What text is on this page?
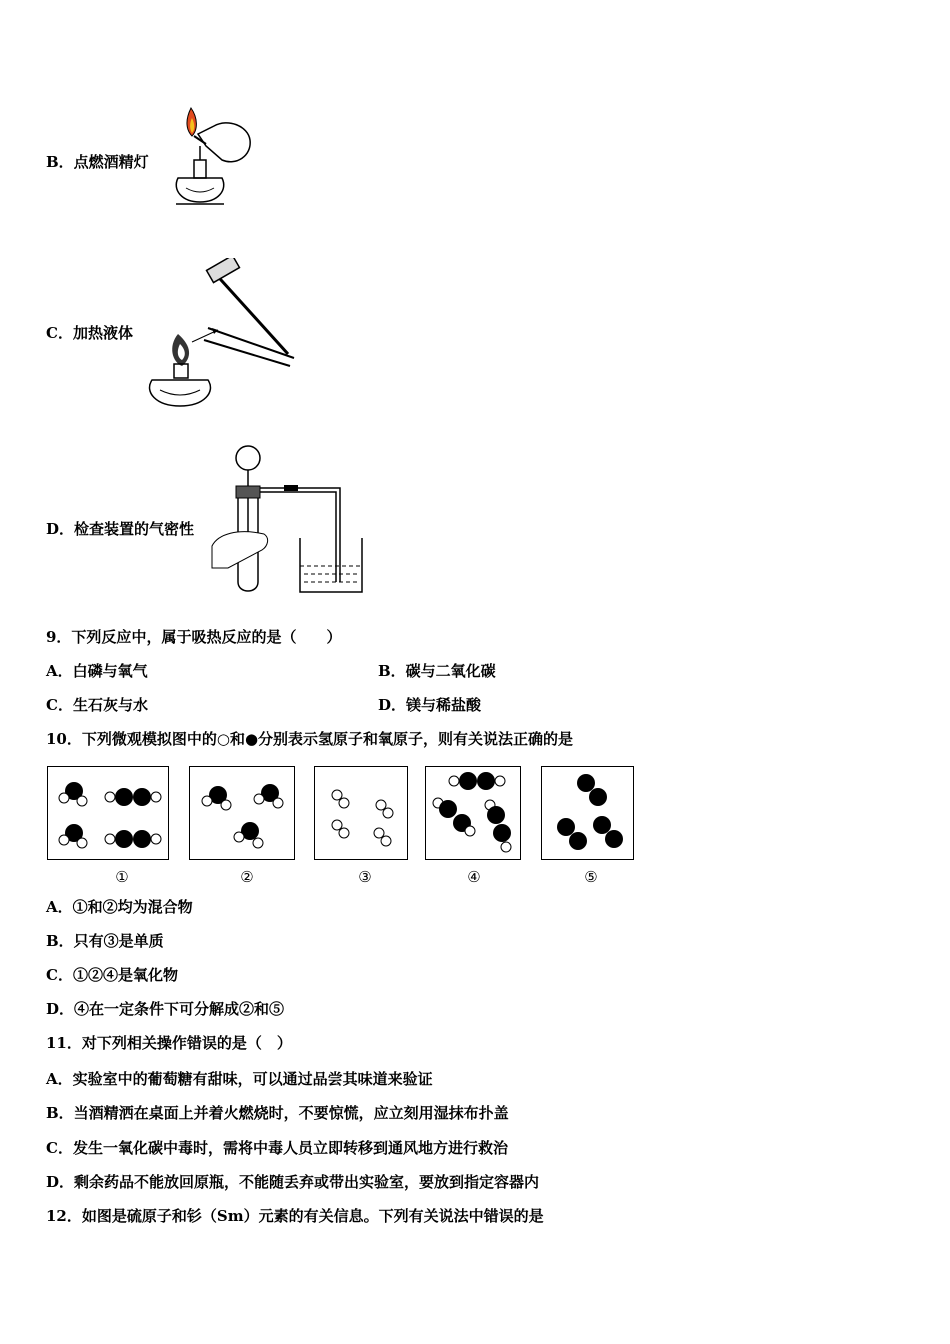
B．点燃酒精灯
C．加热液体
D．检查装置的气密性
9．下列反应中，属于吸热反应的是（　　）
A．白磷与氧气	B．碳与二氧化碳
C．生石灰与水	D．镁与稀盐酸
10．下列微观模拟图中的○和●分别表示氢原子和氧原子，则有关说法正确的是
①	②	③	④	⑤
A．①和②均为混合物
B．只有③是单质
C．①②④是氧化物
D．④在一定条件下可分解成②和⑤
11．对下列相关操作错误的是（　）
A．实验室中的葡萄糖有甜味，可以通过品尝其味道来验证
B．当酒精洒在桌面上并着火燃烧时，不要惊慌，应立刻用湿抹布扑盖
C．发生一氧化碳中毒时，需将中毒人员立即转移到通风地方进行救治
D．剩余药品不能放回原瓶，不能随丢弃或带出实验室，要放到指定容器内
12．如图是硫原子和钐（Sm）元素的有关信息。下列有关说法中错误的是
